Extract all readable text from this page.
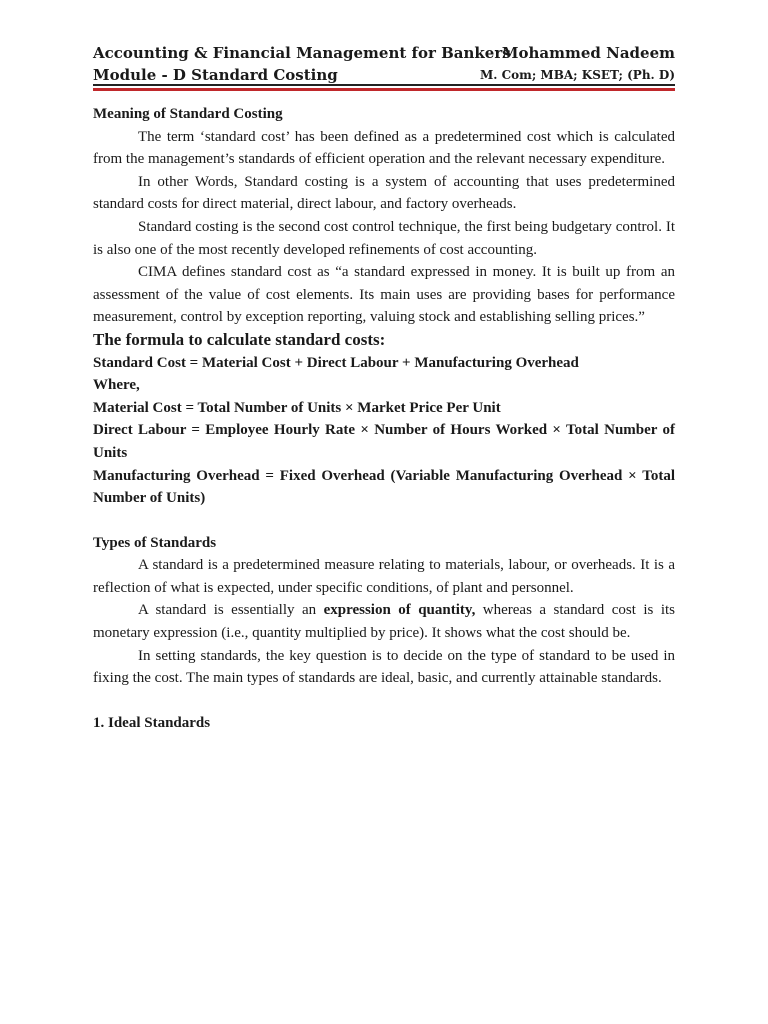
Accounting & Financial Management for Bankers
Module - D Standard Costing
Mohammed Nadeem
M. Com; MBA; KSET; (Ph. D)

Meaning of Standard Costing

The term ‘standard cost’ has been defined as a predetermined cost which is calculated from the management’s standards of efficient operation and the relevant necessary expenditure.

In other Words, Standard costing is a system of accounting that uses predetermined standard costs for direct material, direct labour, and factory overheads.

Standard costing is the second cost control technique, the first being budgetary control. It is also one of the most recently developed refinements of cost accounting.

CIMA defines standard cost as “a standard expressed in money. It is built up from an assessment of the value of cost elements. Its main uses are providing bases for performance measurement, control by exception reporting, valuing stock and establishing selling prices.”

The formula to calculate standard costs:

Standard Cost = Material Cost + Direct Labour + Manufacturing Overhead

Where,

Material Cost = Total Number of Units × Market Price Per Unit

Direct Labour = Employee Hourly Rate × Number of Hours Worked × Total Number of Units

Manufacturing Overhead = Fixed Overhead (Variable Manufacturing Overhead × Total Number of Units)

Types of Standards

A standard is a predetermined measure relating to materials, labour, or overheads. It is a reflection of what is expected, under specific conditions, of plant and personnel.

A standard is essentially an expression of quantity, whereas a standard cost is its monetary expression (i.e., quantity multiplied by price). It shows what the cost should be.

In setting standards, the key question is to decide on the type of standard to be used in fixing the cost. The main types of standards are ideal, basic, and currently attainable standards.

1. Ideal Standards
